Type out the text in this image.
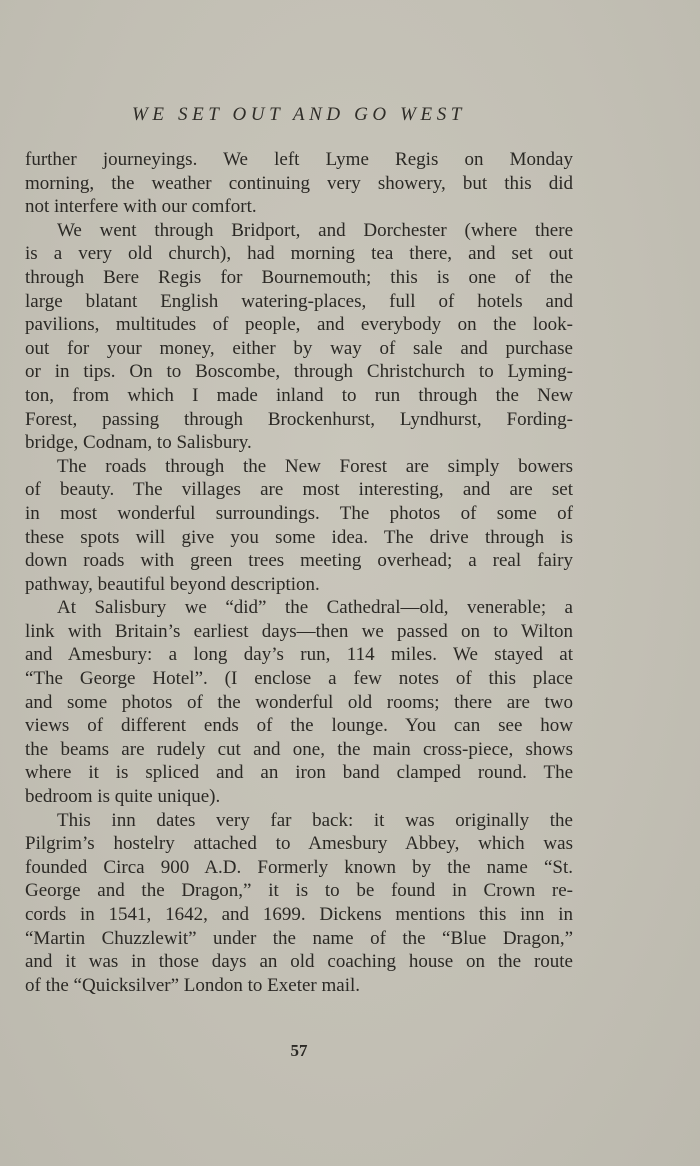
WE SET OUT AND GO WEST
further journeyings. We left Lyme Regis on Monday
morning, the weather continuing very showery, but this did
not interfere with our comfort.
We went through Bridport, and Dorchester (where there
is a very old church), had morning tea there, and set out
through Bere Regis for Bournemouth; this is one of the
large blatant English watering-places, full of hotels and
pavilions, multitudes of people, and everybody on the look-
out for your money, either by way of sale and purchase
or in tips. On to Boscombe, through Christchurch to Lyming-
ton, from which I made inland to run through the New
Forest, passing through Brockenhurst, Lyndhurst, Fording-
bridge, Codnam, to Salisbury.
The roads through the New Forest are simply bowers
of beauty. The villages are most interesting, and are set
in most wonderful surroundings. The photos of some of
these spots will give you some idea. The drive through is
down roads with green trees meeting overhead; a real fairy
pathway, beautiful beyond description.
At Salisbury we “did” the Cathedral—old, venerable; a
link with Britain’s earliest days—then we passed on to Wilton
and Amesbury: a long day’s run, 114 miles. We stayed at
“The George Hotel”. (I enclose a few notes of this place
and some photos of the wonderful old rooms; there are two
views of different ends of the lounge. You can see how
the beams are rudely cut and one, the main cross-piece, shows
where it is spliced and an iron band clamped round. The
bedroom is quite unique).
This inn dates very far back: it was originally the
Pilgrim’s hostelry attached to Amesbury Abbey, which was
founded Circa 900 A.D. Formerly known by the name “St.
George and the Dragon,” it is to be found in Crown re-
cords in 1541, 1642, and 1699. Dickens mentions this inn in
“Martin Chuzzlewit” under the name of the “Blue Dragon,”
and it was in those days an old coaching house on the route
of the “Quicksilver” London to Exeter mail.
57
